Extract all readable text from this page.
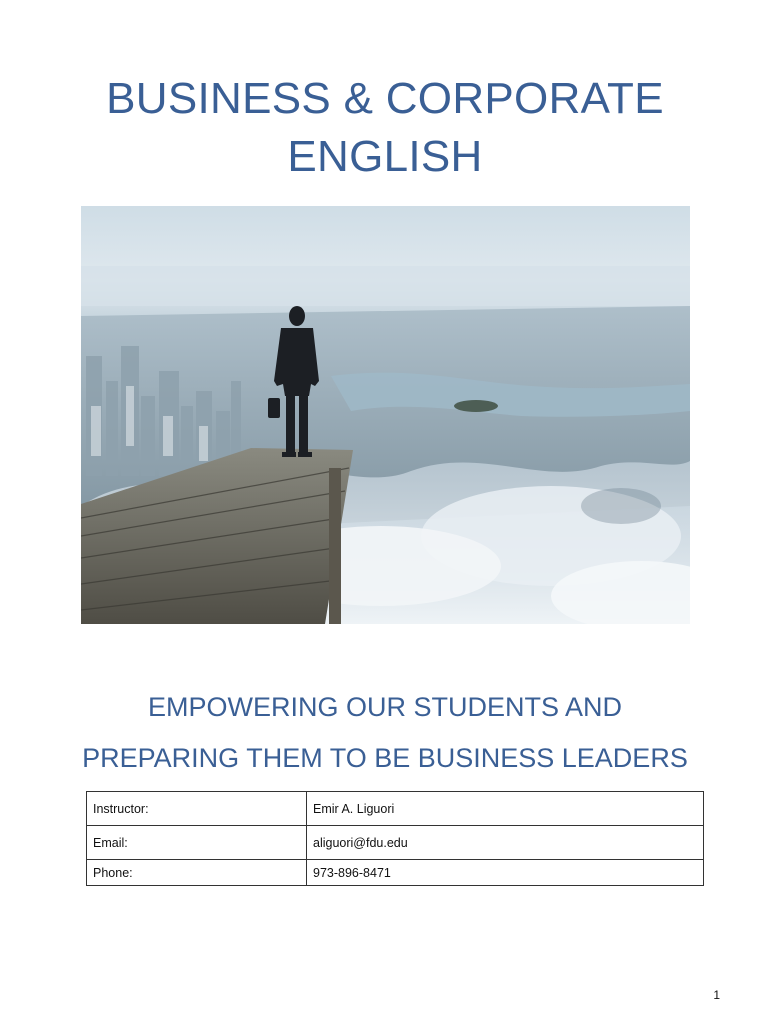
BUSINESS & CORPORATE
ENGLISH
EMPOWERING OUR STUDENTS AND
PREPARING THEM TO BE BUSINESS LEADERS
Instructor:	Emir A. Liguori
Email:	aliguori@fdu.edu
Phone:	973-896-8471
1
